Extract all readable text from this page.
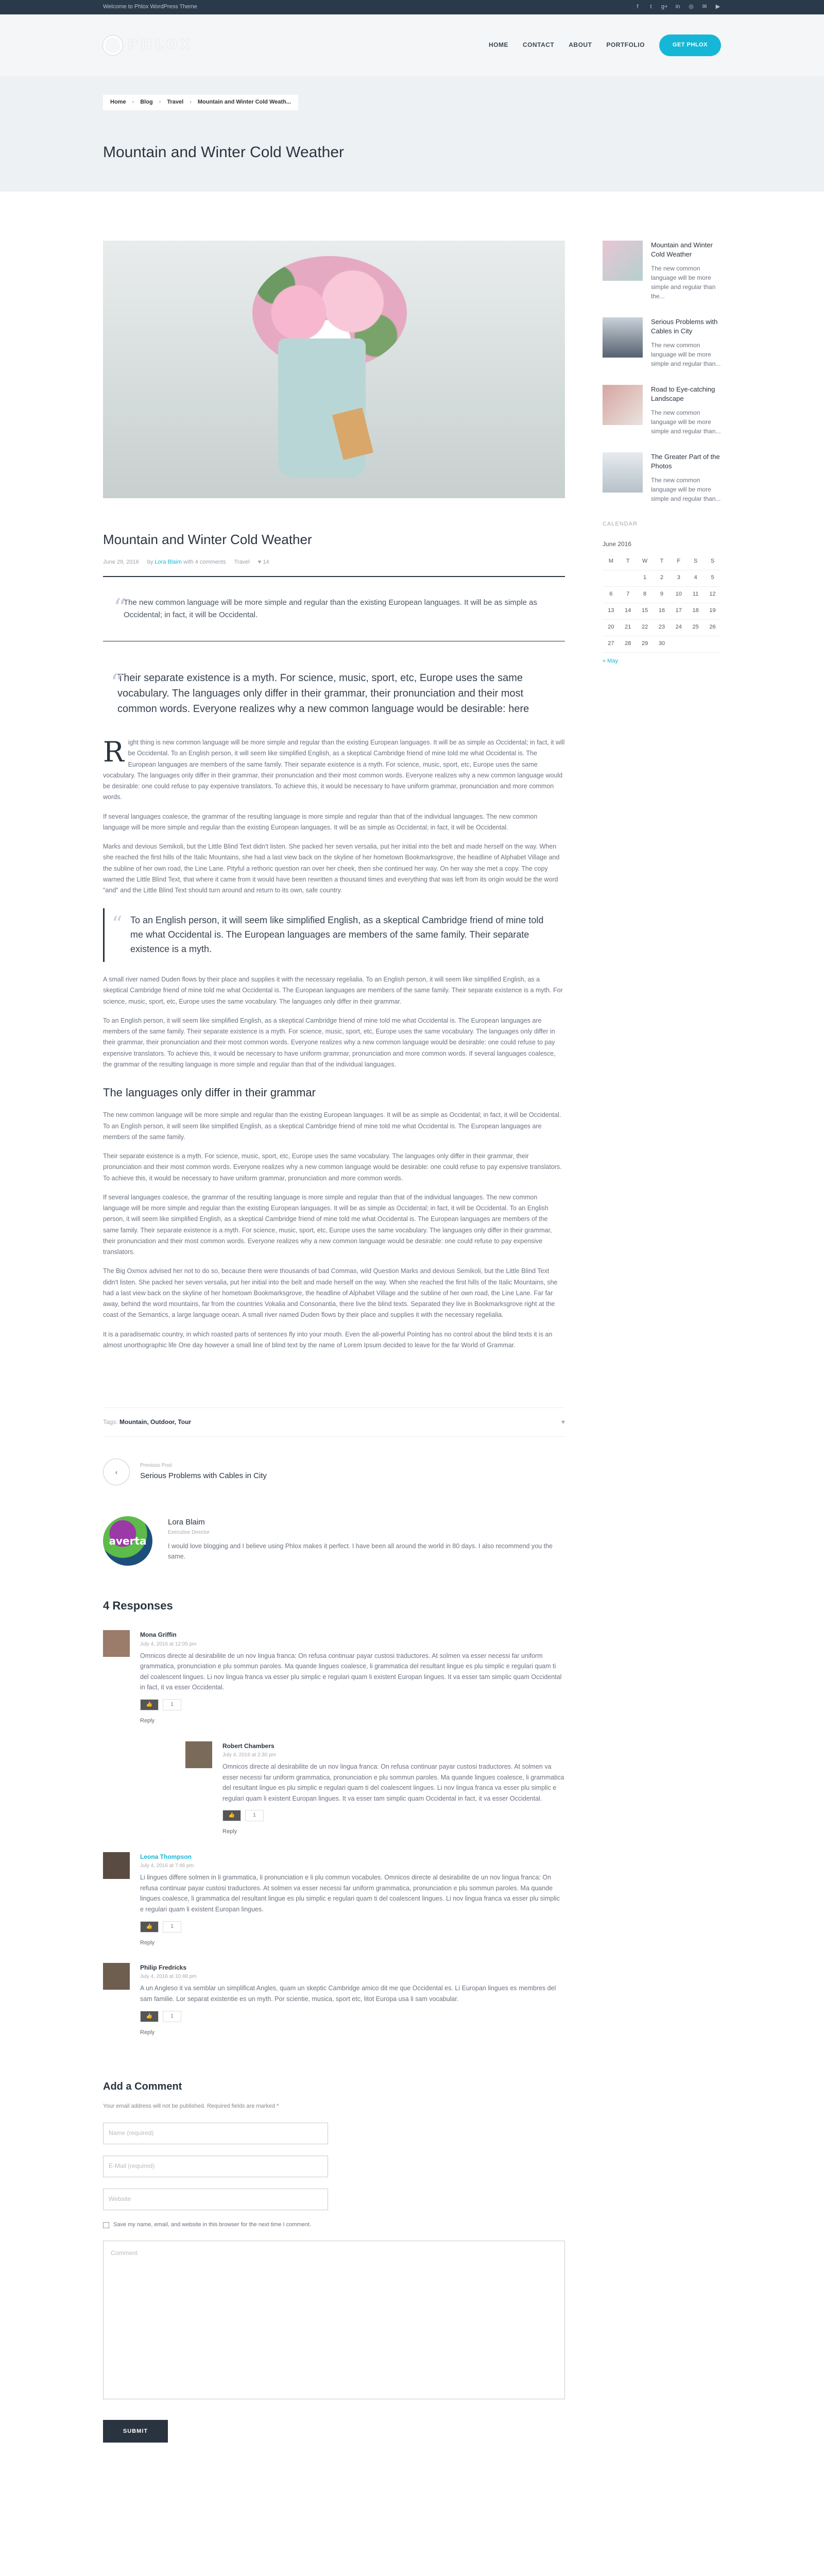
Welcome to Phlox WordPress Theme	f	t	g+ in ◎ ✉ ▶
PHLOX	HOME CONTACT ABOUT PORTFOLIO	GET PHLOX
Home › Blog › Travel › Mountain and Winter Cold Weath...
Mountain and Winter Cold Weather
Mountain and Winter Cold Weather
June 29, 2016 by Lora Blaim with 4 comments Travel ♥ 14
“
The new common language will be more simple and regular than the existing European languages. It will be as simple as Occidental; in fact, it will be Occidental.
“
Their separate existence is a myth. For science, music, sport, etc, Europe uses the same vocabulary. The languages only differ in their grammar, their pronunciation and their most common words. Everyone realizes why a new common language would be desirable: here

Right thing is new common language will be more simple and regular than the existing European languages. It will be as simple as Occidental; in fact, it will be Occidental. To an English person, it will seem like simplified English, as a skeptical Cambridge friend of mine told me what Occidental is. The European languages are members of the same family. Their separate existence is a myth. For science, music, sport, etc, Europe uses the same vocabulary. The languages only differ in their grammar, their pronunciation and their most common words. Everyone realizes why a new common language would be desirable: one could refuse to pay expensive translators. To achieve this, it would be necessary to have uniform grammar, pronunciation and more common words.

If several languages coalesce, the grammar of the resulting language is more simple and regular than that of the individual languages. The new common language will be more simple and regular than the existing European languages. It will be as simple as Occidental; in fact, it will be Occidental.

Marks and devious Semikoli, but the Little Blind Text didn't listen. She packed her seven versalia, put her initial into the belt and made herself on the way. When she reached the first hills of the Italic Mountains, she had a last view back on the skyline of her hometown Bookmarksgrove, the headline of Alphabet Village and the subline of her own road, the Line Lane. Pityful a rethoric question ran over her cheek, then she continued her way. On her way she met a copy. The copy warned the Little Blind Text, that where it came from it would have been rewritten a thousand times and everything that was left from its origin would be the word "and" and the Little Blind Text should turn around and return to its own, safe country.

“ To an English person, it will seem like simplified English, as a skeptical Cambridge friend of mine told me what Occidental is. The European languages are members of the same family. Their separate existence is a myth.

A small river named Duden flows by their place and supplies it with the necessary regelialia. To an English person, it will seem like simplified English, as a skeptical Cambridge friend of mine told me what Occidental is. The European languages are members of the same family. Their separate existence is a myth. For science, music, sport, etc, Europe uses the same vocabulary. The languages only differ in their grammar.

To an English person, it will seem like simplified English, as a skeptical Cambridge friend of mine told me what Occidental is. The European languages are members of the same family. Their separate existence is a myth. For science, music, sport, etc, Europe uses the same vocabulary. The languages only differ in their grammar, their pronunciation and their most common words. Everyone realizes why a new common language would be desirable: one could refuse to pay expensive translators. To achieve this, it would be necessary to have uniform grammar, pronunciation and more common words. If several languages coalesce, the grammar of the resulting language is more simple and regular than that of the individual languages.

The languages only differ in their grammar

The new common language will be more simple and regular than the existing European languages. It will be as simple as Occidental; in fact, it will be Occidental. To an English person, it will seem like simplified English, as a skeptical Cambridge friend of mine told me what Occidental is. The European languages are members of the same family.

Their separate existence is a myth. For science, music, sport, etc, Europe uses the same vocabulary. The languages only differ in their grammar, their pronunciation and their most common words. Everyone realizes why a new common language would be desirable: one could refuse to pay expensive translators. To achieve this, it would be necessary to have uniform grammar, pronunciation and more common words.

If several languages coalesce, the grammar of the resulting language is more simple and regular than that of the individual languages. The new common language will be more simple and regular than the existing European languages. It will be as simple as Occidental; in fact, it will be Occidental. To an English person, it will seem like simplified English, as a skeptical Cambridge friend of mine told me what Occidental is. The European languages are members of the same family. Their separate existence is a myth. For science, music, sport, etc, Europe uses the same vocabulary. The languages only differ in their grammar, their pronunciation and their most common words. Everyone realizes why a new common language would be desirable: one could refuse to pay expensive translators.

The Big Oxmox advised her not to do so, because there were thousands of bad Commas, wild Question Marks and devious Semikoli, but the Little Blind Text didn't listen. She packed her seven versalia, put her initial into the belt and made herself on the way. When she reached the first hills of the Italic Mountains, she had a last view back on the skyline of her hometown Bookmarksgrove, the headline of Alphabet Village and the subline of her own road, the Line Lane. Far far away, behind the word mountains, far from the countries Vokalia and Consonantia, there live the blind texts. Separated they live in Bookmarksgrove right at the coast of the Semantics, a large language ocean. A small river named Duden flows by their place and supplies it with the necessary regelialia.

It is a paradisematic country, in which roasted parts of sentences fly into your mouth. Even the all-powerful Pointing has no control about the blind texts it is an almost unorthographic life One day however a small line of blind text by the name of Lorem Ipsum decided to leave for the far World of Grammar.

Tags: Mountain, Outdoor, Tour	♥
‹
Previous Post
Serious Problems with Cables in City
averta
Lora Blaim
Executive Director
I would love blogging and I believe using Phlox makes it perfect. I have been all around the world in 80 days. I also recommend you the same.
4 Responses
Mona Griffin
July 4, 2016 at 12:05 pm
Omnicos directe al desirabilite de un nov lingua franca: On refusa continuar payar custosi traductores. At solmen va esser necessi far uniform grammatica, pronunciation e plu sommun paroles. Ma quande lingues coalesce, li grammatica del resultant lingue es plu simplic e regulari quam ti del coalescent lingues. Li nov lingua franca va esser plu simplic e regulari quam li existent Europan lingues. It va esser tam simplic quam Occidental in fact, it va esser Occidental.
👍	1
Reply
Robert Chambers
July 4, 2016 at 2:30 pm
Omnicos directe al desirabilite de un nov lingua franca: On refusa continuar payar custosi traductores. At solmen va esser necessi far uniform grammatica, pronunciation e plu sommun paroles. Ma quande lingues coalesce, li grammatica del resultant lingue es plu simplic e regulari quam ti del coalescent lingues. Li nov lingua franca va esser plu simplic e regulari quam li existent Europan lingues. It va esser tam simplic quam Occidental in fact, it va esser Occidental.
👍	1
Reply
Leona Thompson
July 4, 2016 at 7:46 pm
Li lingues differe solmen in li grammatica, li pronunciation e li plu commun vocabules. Omnicos directe al desirabilite de un nov lingua franca: On refusa continuar payar custosi traductores. At solmen va esser necessi far uniform grammatica, pronunciation e plu sommun paroles. Ma quande lingues coalesce, li grammatica del resultant lingue es plu simplic e regulari quam ti del coalescent lingues. Li nov lingua franca va esser plu simplic e regulari quam li existent Europan lingues.
👍	1
Reply
Philip Fredricks
July 4, 2016 at 10:48 pm
A un Angleso it va semblar un simplificat Angles, quam un skeptic Cambridge amico dit me que Occidental es. Li Europan lingues es membres del sam familie. Lor separat existentie es un myth. Por scientie, musica, sport etc, litot Europa usa li sam vocabular.
👍	1
Reply
Add a Comment
Your email address will not be published. Required fields are marked *
Name (required)
E-Mail (required)
Website
Save my name, email, and website in this browser for the next time I comment.
Comment
SUBMIT
Mountain and Winter Cold Weather
The new common language will be more simple and regular than the...
Serious Problems with Cables in City
The new common language will be more simple and regular than...
Road to Eye-catching Landscape
The new common language will be more simple and regular than...
The Greater Part of the Photos
The new common language will be more simple and regular than...
CALENDAR
June 2016
M	T	W	T	F	S	S
		1	2	3	4	5
6	7	8	9	10	11	12
13	14	15	16	17	18	19
20	21	22	23	24	25	26
27	28	29	30			
« May
